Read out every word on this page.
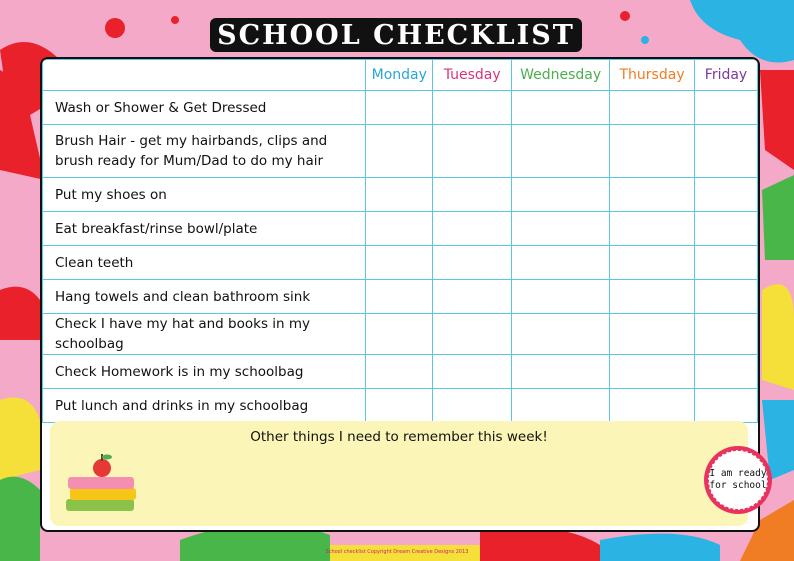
SCHOOL CHECKLIST
	Monday	Tuesday	Wednesday	Thursday	Friday
Wash or Shower & Get Dressed					
Brush Hair - get my hairbands, clips and brush ready for Mum/Dad to do my hair					
Put my shoes on					
Eat breakfast/rinse bowl/plate					
Clean teeth					
Hang towels and clean bathroom sink					
Check I have my hat and books in my schoolbag					
Check Homework is in my schoolbag					
Put lunch and drinks in my schoolbag					
Other things I need to remember this week!
I am ready for school
School checklist Copyright Dream Creative Designs 2013
